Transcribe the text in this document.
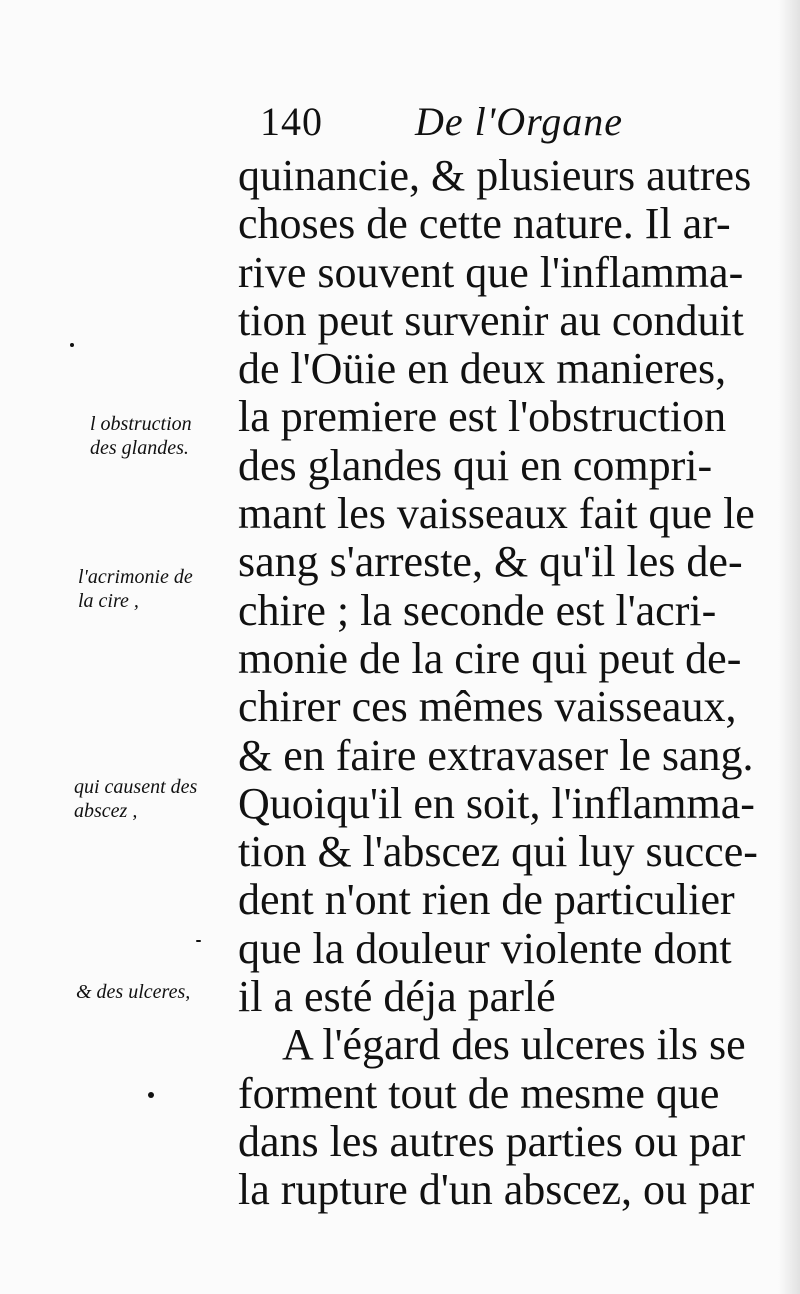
140 De l'Organe
quinancie, & plusieurs autres
choses de cette nature. Il ar-
rive souvent que l'inflamma-
tion peut survenir au conduit
de l'Oüie en deux manieres,
la premiere est l'obstruction
des glandes qui en compri-
mant les vaisseaux fait que le
sang s'arreste, & qu'il les de-
chire ; la seconde est l'acri-
monie de la cire qui peut de-
chirer ces mêmes vaisseaux,
& en faire extravaser le sang.
Quoiqu'il en soit, l'inflamma-
tion & l'abscez qui luy succe-
dent n'ont rien de particulier
que la douleur violente dont
il a esté déja parlé
A l'égard des ulceres ils se
forment tout de mesme que
dans les autres parties ou par
la rupture d'un abscez, ou par
l obstruction
des glandes.
l'acrimonie de
la cire ,
qui causent des
abscez ,
& des ulceres,
